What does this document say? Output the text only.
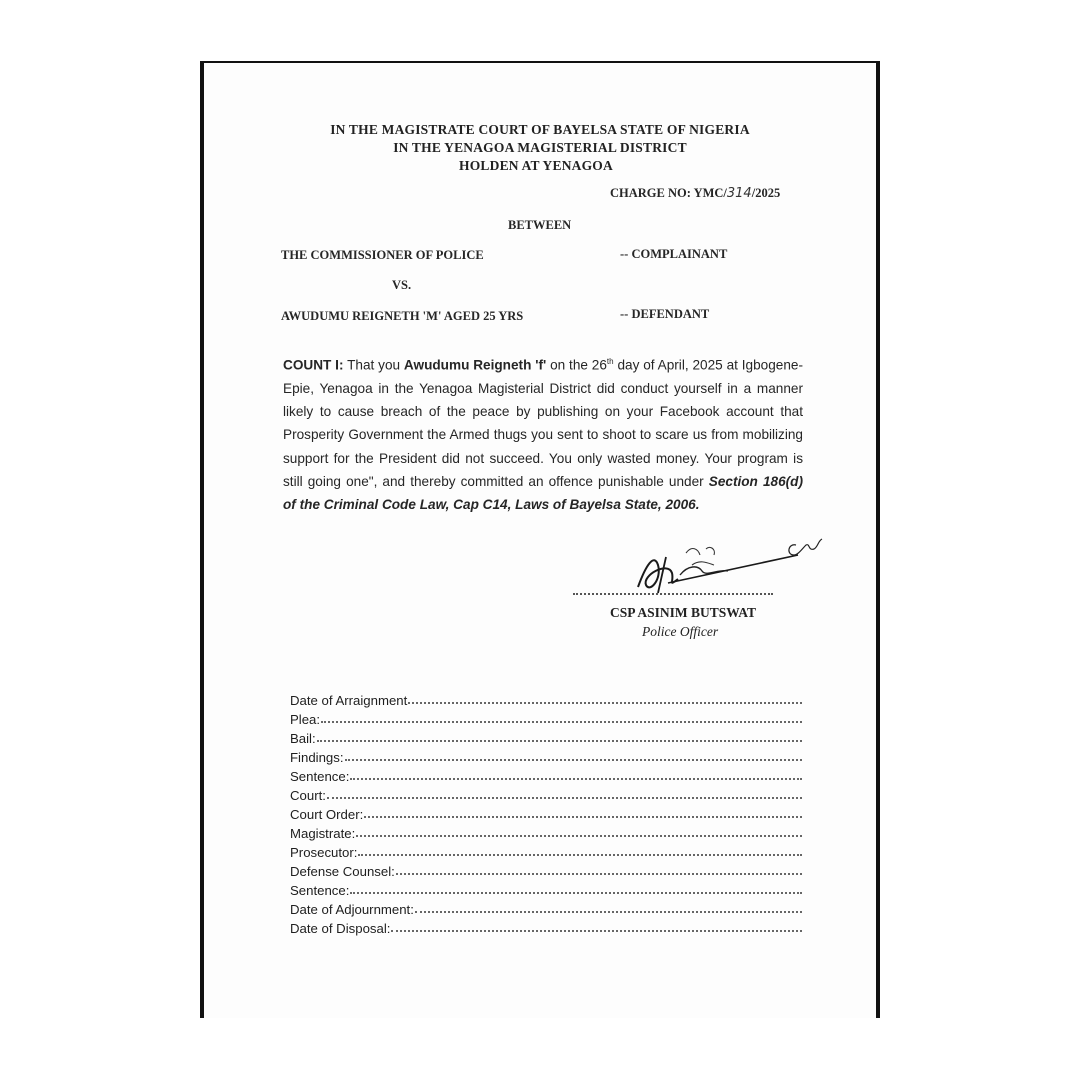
IN THE MAGISTRATE COURT OF BAYELSA STATE OF NIGERIA
IN THE YENAGOA MAGISTERIAL DISTRICT
HOLDEN AT YENAGOA
CHARGE NO: YMC/314/2025
BETWEEN
THE COMMISSIONER OF POLICE	-- COMPLAINANT
VS.
AWUDUMU REIGNETH 'M' AGED 25 YRS	-- DEFENDANT
COUNT I: That you Awudumu Reigneth 'f' on the 26th day of April, 2025 at Igbogene-Epie, Yenagoa in the Yenagoa Magisterial District did conduct yourself in a manner likely to cause breach of the peace by publishing on your Facebook account that Prosperity Government the Armed thugs you sent to shoot to scare us from mobilizing support for the President did not succeed. You only wasted money. Your program is still going one", and thereby committed an offence punishable under Section 186(d) of the Criminal Code Law, Cap C14, Laws of Bayelsa State, 2006.
CSP ASINIM BUTSWAT
Police Officer
Date of Arraignment
Plea:
Bail:
Findings:
Sentence:
Court:
Court Order:
Magistrate:
Prosecutor:
Defense Counsel:
Sentence:
Date of Adjournment:
Date of Disposal:
